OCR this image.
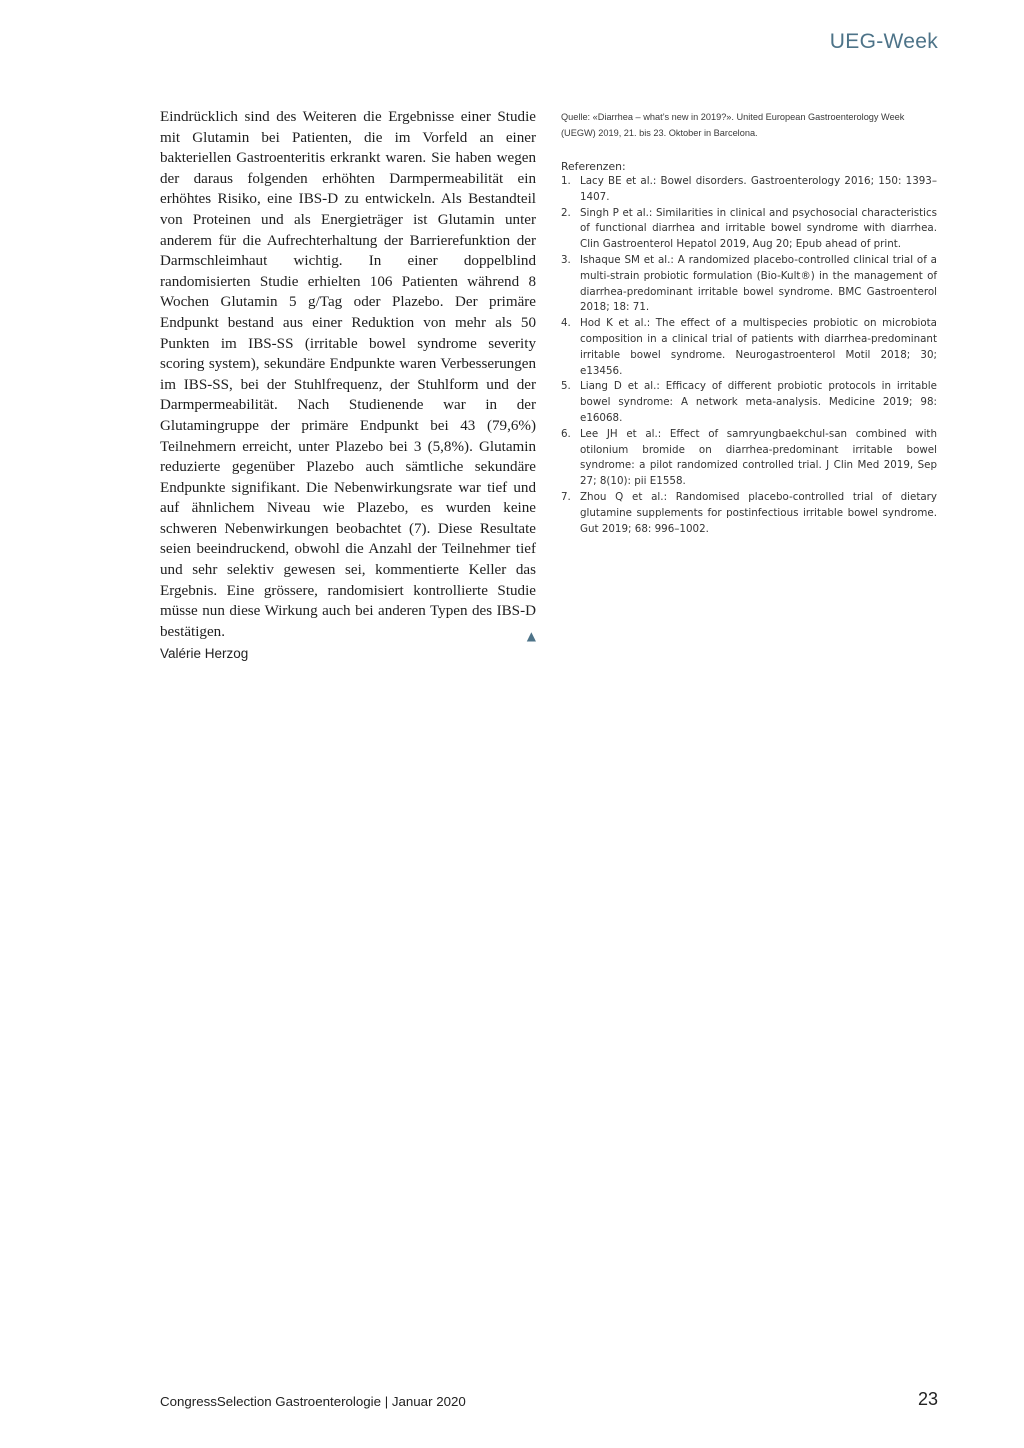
UEG-Week

Eindrücklich sind des Weiteren die Ergebnisse einer Studie mit Glutamin bei Patienten, die im Vorfeld an einer bakteriellen Gastroenteritis erkrankt waren. Sie haben wegen der daraus folgenden erhöhten Darmpermeabilität ein erhöhtes Risiko, eine IBS-D zu entwickeln. Als Bestandteil von Proteinen und als Energieträger ist Glutamin unter anderem für die Aufrechterhaltung der Barrierefunktion der Darmschleimhaut wichtig. In einer doppelblind randomisierten Studie erhielten 106 Patienten während 8 Wochen Glutamin 5 g/Tag oder Plazebo. Der primäre Endpunkt bestand aus einer Reduktion von mehr als 50 Punkten im IBS-SS (irritable bowel syndrome severity scoring system), sekundäre Endpunkte waren Verbesserungen im IBS-SS, bei der Stuhlfrequenz, der Stuhlform und der Darmpermeabilität. Nach Studienende war in der Glutamingruppe der primäre Endpunkt bei 43 (79,6%) Teilnehmern erreicht, unter Plazebo bei 3 (5,8%). Glutamin reduzierte gegenüber Plazebo auch sämtliche sekundäre Endpunkte signifikant. Die Nebenwirkungsrate war tief und auf ähnlichem Niveau wie Plazebo, es wurden keine schweren Nebenwirkungen beobachtet (7). Diese Resultate seien beeindruckend, obwohl die Anzahl der Teilnehmer tief und sehr selektiv gewesen sei, kommentierte Keller das Ergebnis. Eine grössere, randomisiert kontrollierte Studie müsse nun diese Wirkung auch bei anderen Typen des IBS-D bestätigen.	▲

Valérie Herzog

Quelle: «Diarrhea – what’s new in 2019?». United European Gastroenterology Week (UEGW) 2019, 21. bis 23. Oktober in Barcelona.

Referenzen:

1. Lacy BE et al.: Bowel disorders. Gastroenterology 2016; 150: 1393–1407.
2. Singh P et al.: Similarities in clinical and psychosocial characteristics of functional diarrhea and irritable bowel syndrome with diarrhea. Clin Gastroenterol Hepatol 2019, Aug 20; Epub ahead of print.
3. Ishaque SM et al.: A randomized placebo-controlled clinical trial of a multi-strain probiotic formulation (Bio-Kult®) in the management of diarrhea-predominant irritable bowel syndrome. BMC Gastroenterol 2018; 18: 71.
4. Hod K et al.: The effect of a multispecies probiotic on microbiota composition in a clinical trial of patients with diarrhea-predominant irritable bowel syndrome. Neurogastroenterol Motil 2018; 30; e13456.
5. Liang D et al.: Efficacy of different probiotic protocols in irritable bowel syndrome: A network meta-analysis. Medicine 2019; 98: e16068.
6. Lee JH et al.: Effect of samryungbaekchul-san combined with otilonium bromide on diarrhea-predominant irritable bowel syndrome: a pilot randomized controlled trial. J Clin Med 2019, Sep 27; 8(10): pii E1558.
7. Zhou Q et al.: Randomised placebo-controlled trial of dietary glutamine supplements for postinfectious irritable bowel syndrome. Gut 2019; 68: 996–1002.
CongressSelection Gastroenterologie | Januar 2020	23
